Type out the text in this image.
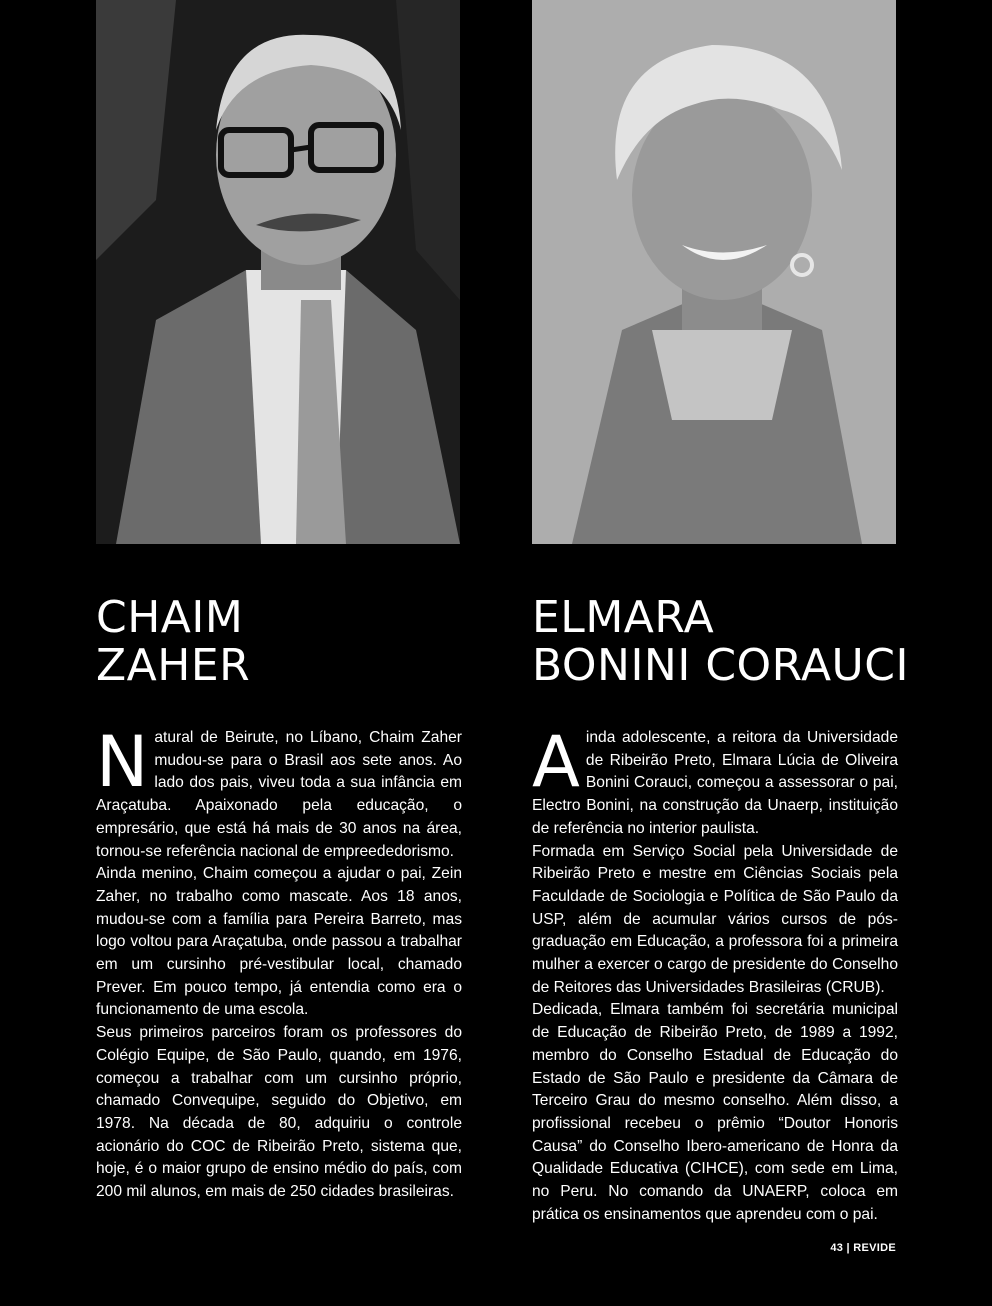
CHAIM
ZAHER
ELMARA
BONINI CORAUCI

Natural de Beirute, no Líbano, Chaim Zaher mudou-se para o Brasil aos sete anos. Ao lado dos pais, viveu toda a sua infância em Araçatuba. Apaixonado pela educação, o empresário, que está há mais de 30 anos na área, tornou-se referência nacional de empreededorismo.

Ainda menino, Chaim começou a ajudar o pai, Zein Zaher, no trabalho como mascate. Aos 18 anos, mudou-se com a família para Pereira Barreto, mas logo voltou para Araçatuba, onde passou a trabalhar em um cursinho pré-vestibular local, chamado Prever. Em pouco tempo, já entendia como era o funcionamento de uma escola.

Seus primeiros parceiros foram os professores do Colégio Equipe, de São Paulo, quando, em 1976, começou a trabalhar com um cursinho próprio, chamado Convequipe, seguido do Objetivo, em 1978. Na década de 80, adquiriu o controle acionário do COC de Ribeirão Preto, sistema que, hoje, é o maior grupo de ensino médio do país, com 200 mil alunos, em mais de 250 cidades brasileiras.

Ainda adolescente, a reitora da Universidade de Ribeirão Preto, Elmara Lúcia de Oliveira Bonini Corauci, começou a assessorar o pai, Electro Bonini, na construção da Unaerp, instituição de referência no interior paulista.

Formada em Serviço Social pela Universidade de Ribeirão Preto e mestre em Ciências Sociais pela Faculdade de Sociologia e Política de São Paulo da USP, além de acumular vários cursos de pós-graduação em Educação, a professora foi a primeira mulher a exercer o cargo de presidente do Conselho de Reitores das Universidades Brasileiras (CRUB).

Dedicada, Elmara também foi secretária municipal de Educação de Ribeirão Preto, de 1989 a 1992, membro do Conselho Estadual de Educação do Estado de São Paulo e presidente da Câmara de Terceiro Grau do mesmo conselho. Além disso, a profissional recebeu o prêmio “Doutor Honoris Causa” do Conselho Ibero-americano de Honra da Qualidade Educativa (CIHCE), com sede em Lima, no Peru. No comando da UNAERP, coloca em prática os ensinamentos que aprendeu com o pai.

43 | REVIDE
